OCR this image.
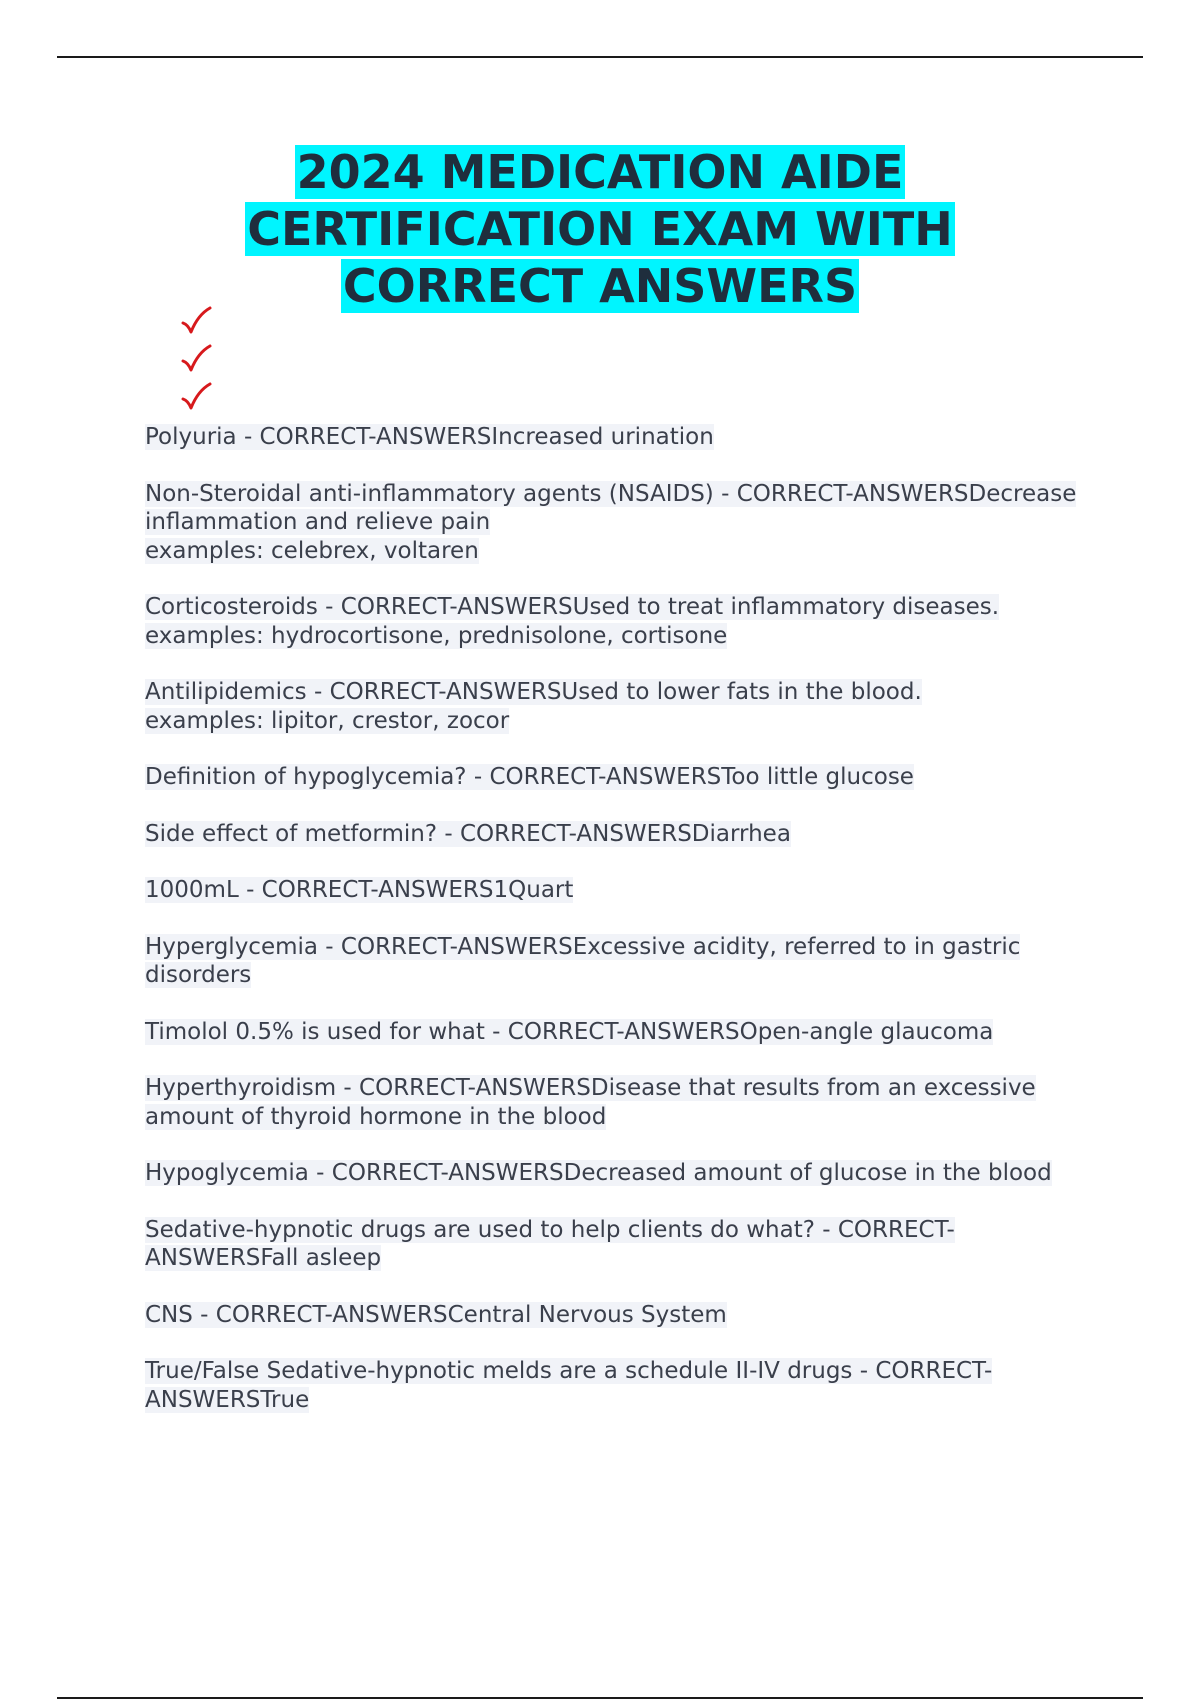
2024 MEDICATION AIDE
CERTIFICATION EXAM WITH
CORRECT ANSWERS
Polyuria - CORRECT-ANSWERSIncreased urination
Non-Steroidal anti-inflammatory agents (NSAIDS) - CORRECT-ANSWERSDecrease inflammation and relieve pain
examples: celebrex, voltaren
Corticosteroids - CORRECT-ANSWERSUsed to treat inflammatory diseases.
examples: hydrocortisone, prednisolone, cortisone
Antilipidemics - CORRECT-ANSWERSUsed to lower fats in the blood.
examples: lipitor, crestor, zocor
Definition of hypoglycemia? - CORRECT-ANSWERSToo little glucose
Side effect of metformin? - CORRECT-ANSWERSDiarrhea
1000mL - CORRECT-ANSWERS1Quart
Hyperglycemia - CORRECT-ANSWERSExcessive acidity, referred to in gastric disorders
Timolol 0.5% is used for what - CORRECT-ANSWERSOpen-angle glaucoma
Hyperthyroidism - CORRECT-ANSWERSDisease that results from an excessive amount of thyroid hormone in the blood
Hypoglycemia - CORRECT-ANSWERSDecreased amount of glucose in the blood
Sedative-hypnotic drugs are used to help clients do what? - CORRECT-ANSWERSFall asleep
CNS - CORRECT-ANSWERSCentral Nervous System
True/False Sedative-hypnotic melds are a schedule II-IV drugs - CORRECT-ANSWERSTrue
